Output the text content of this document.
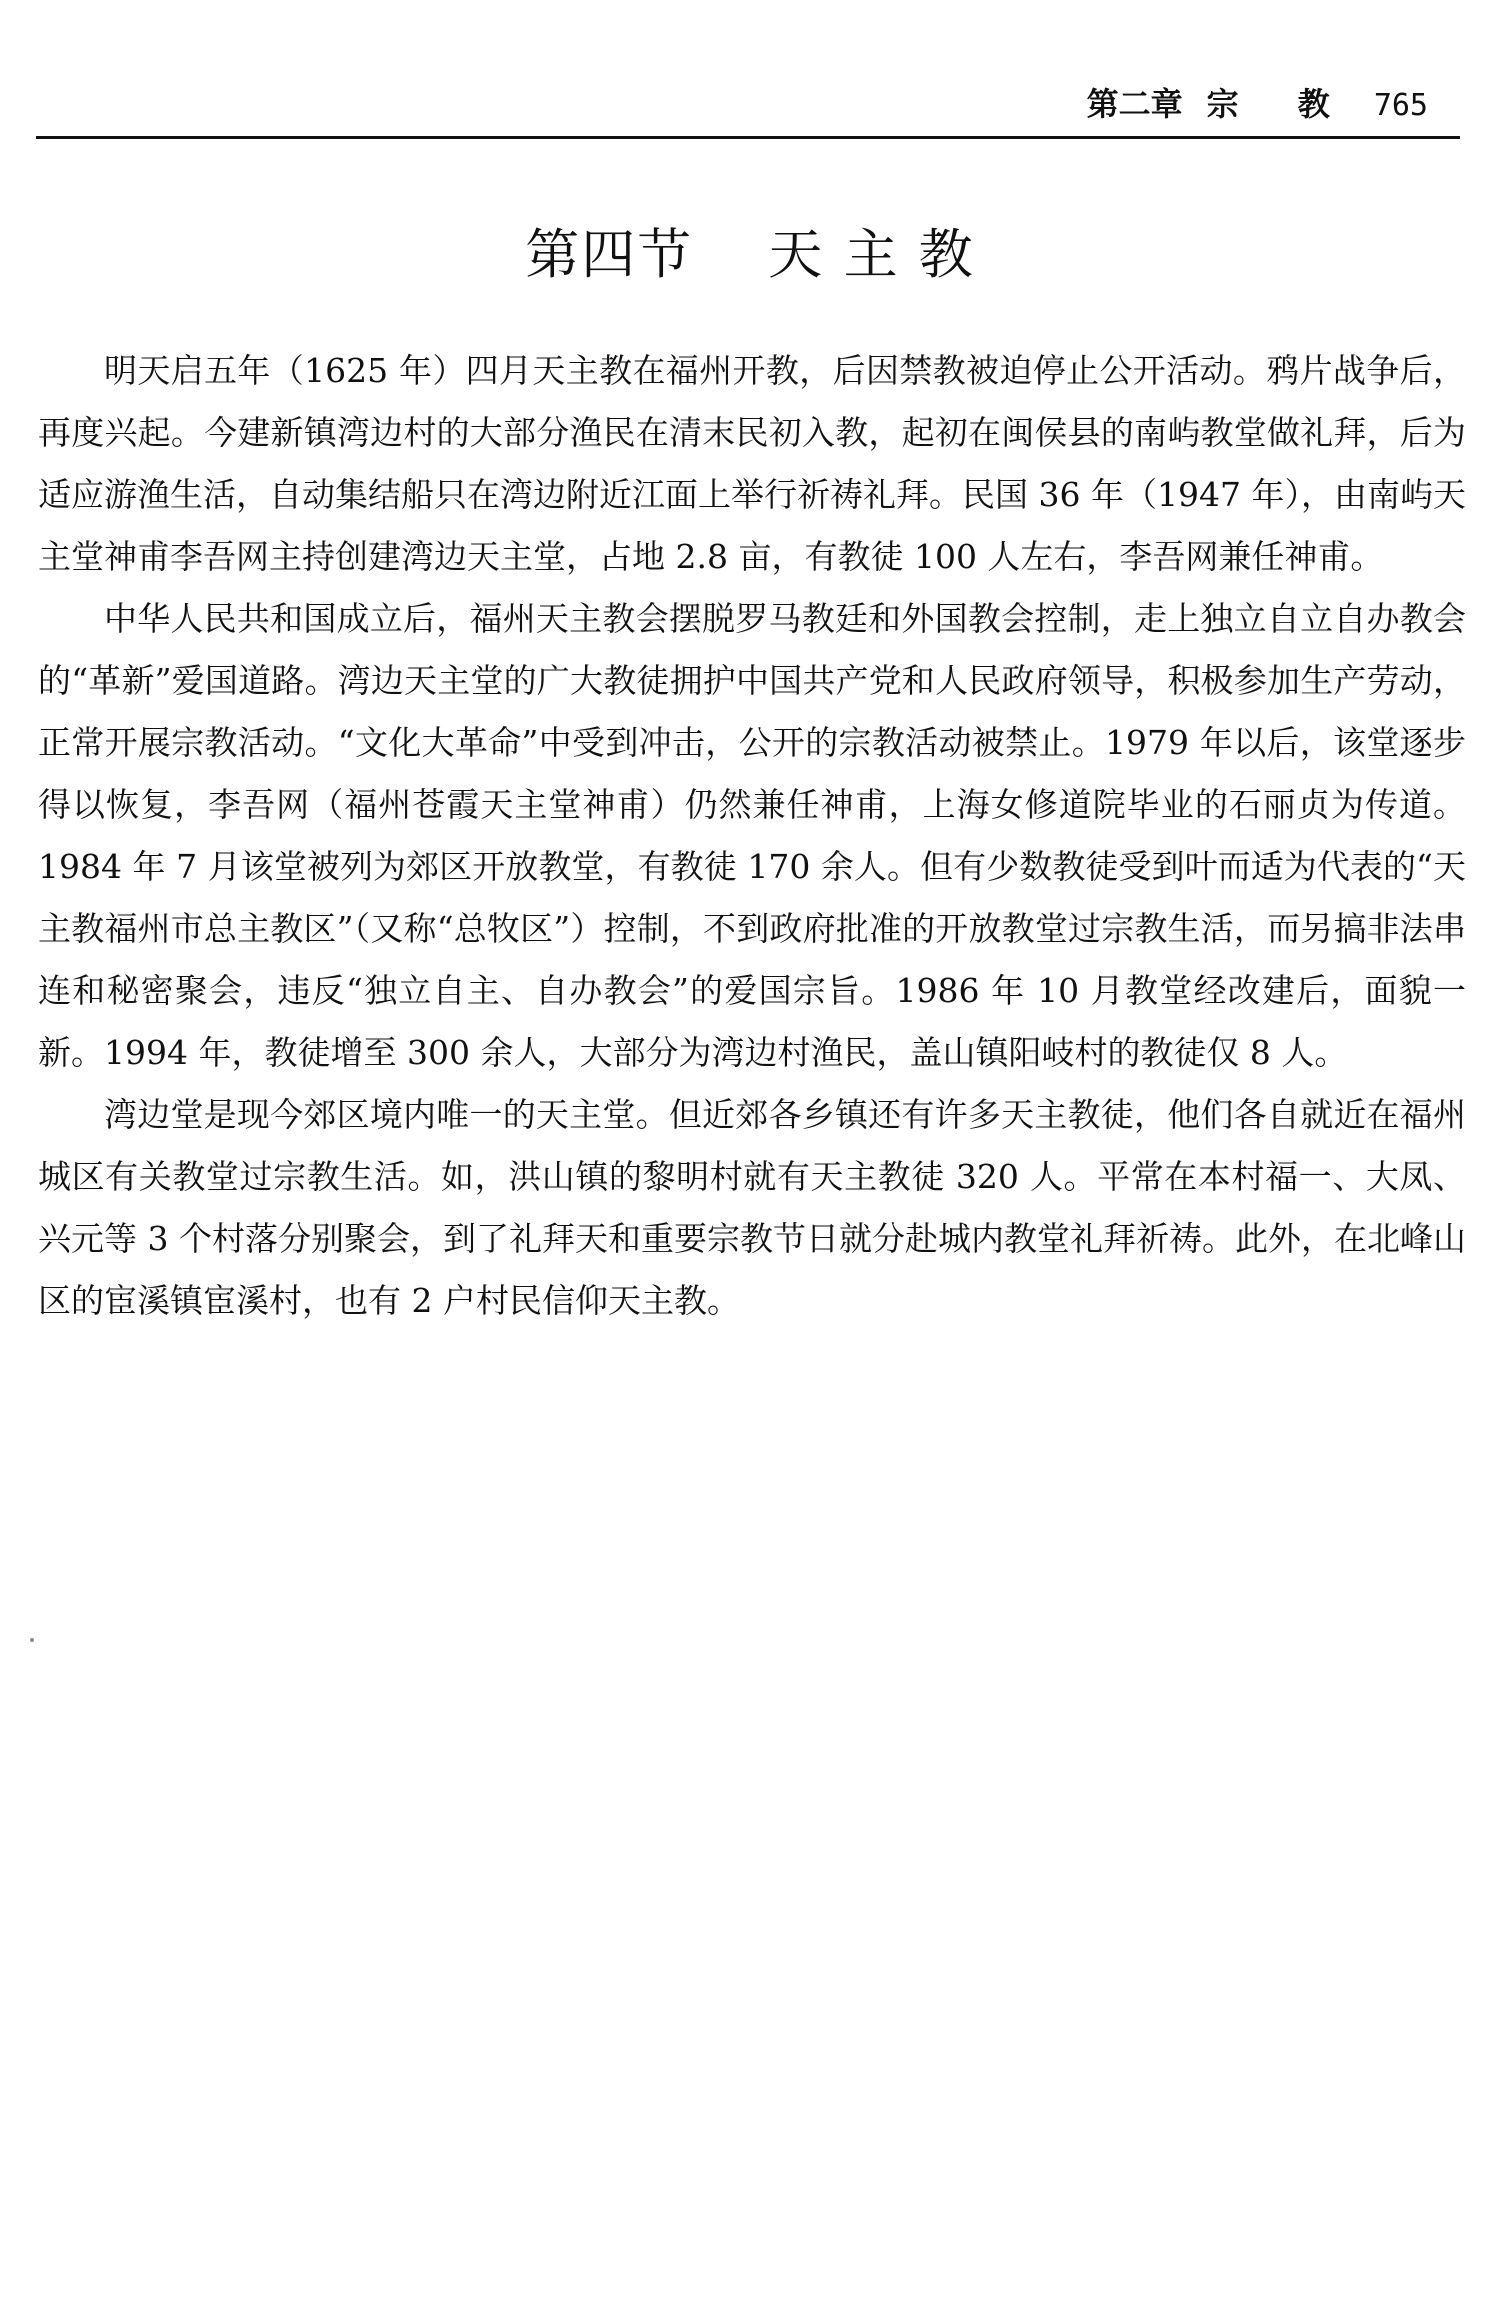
第二章 宗 教 765
第四节　 天 主 教

明天启五年（1625 年）四月天主教在福州开教，后因禁教被迫停止公开活动。鸦片战争后，再度兴起。今建新镇湾边村的大部分渔民在清末民初入教，起初在闽侯县的南屿教堂做礼拜，后为适应游渔生活，自动集结船只在湾边附近江面上举行祈祷礼拜。民国 36 年（1947 年），由南屿天主堂神甫李吾网主持创建湾边天主堂，占地 2.8 亩，有教徒 100 人左右，李吾网兼任神甫。

中华人民共和国成立后，福州天主教会摆脱罗马教廷和外国教会控制，走上独立自立自办教会的“革新”爱国道路。湾边天主堂的广大教徒拥护中国共产党和人民政府领导，积极参加生产劳动，正常开展宗教活动。“文化大革命”中受到冲击，公开的宗教活动被禁止。1979 年以后，该堂逐步得以恢复，李吾网（福州苍霞天主堂神甫）仍然兼任神甫，上海女修道院毕业的石丽贞为传道。1984 年 7 月该堂被列为郊区开放教堂，有教徒 170 余人。但有少数教徒受到叶而适为代表的“天主教福州市总主教区”（又称“总牧区”）控制，不到政府批准的开放教堂过宗教生活，而另搞非法串连和秘密聚会，违反“独立自主、自办教会”的爱国宗旨。1986 年 10 月教堂经改建后，面貌一新。1994 年，教徒增至 300 余人，大部分为湾边村渔民，盖山镇阳岐村的教徒仅 8 人。

湾边堂是现今郊区境内唯一的天主堂。但近郊各乡镇还有许多天主教徒，他们各自就近在福州城区有关教堂过宗教生活。如，洪山镇的黎明村就有天主教徒 320 人。平常在本村福一、大凤、兴元等 3 个村落分别聚会，到了礼拜天和重要宗教节日就分赴城内教堂礼拜祈祷。此外，在北峰山区的宦溪镇宦溪村，也有 2 户村民信仰天主教。
